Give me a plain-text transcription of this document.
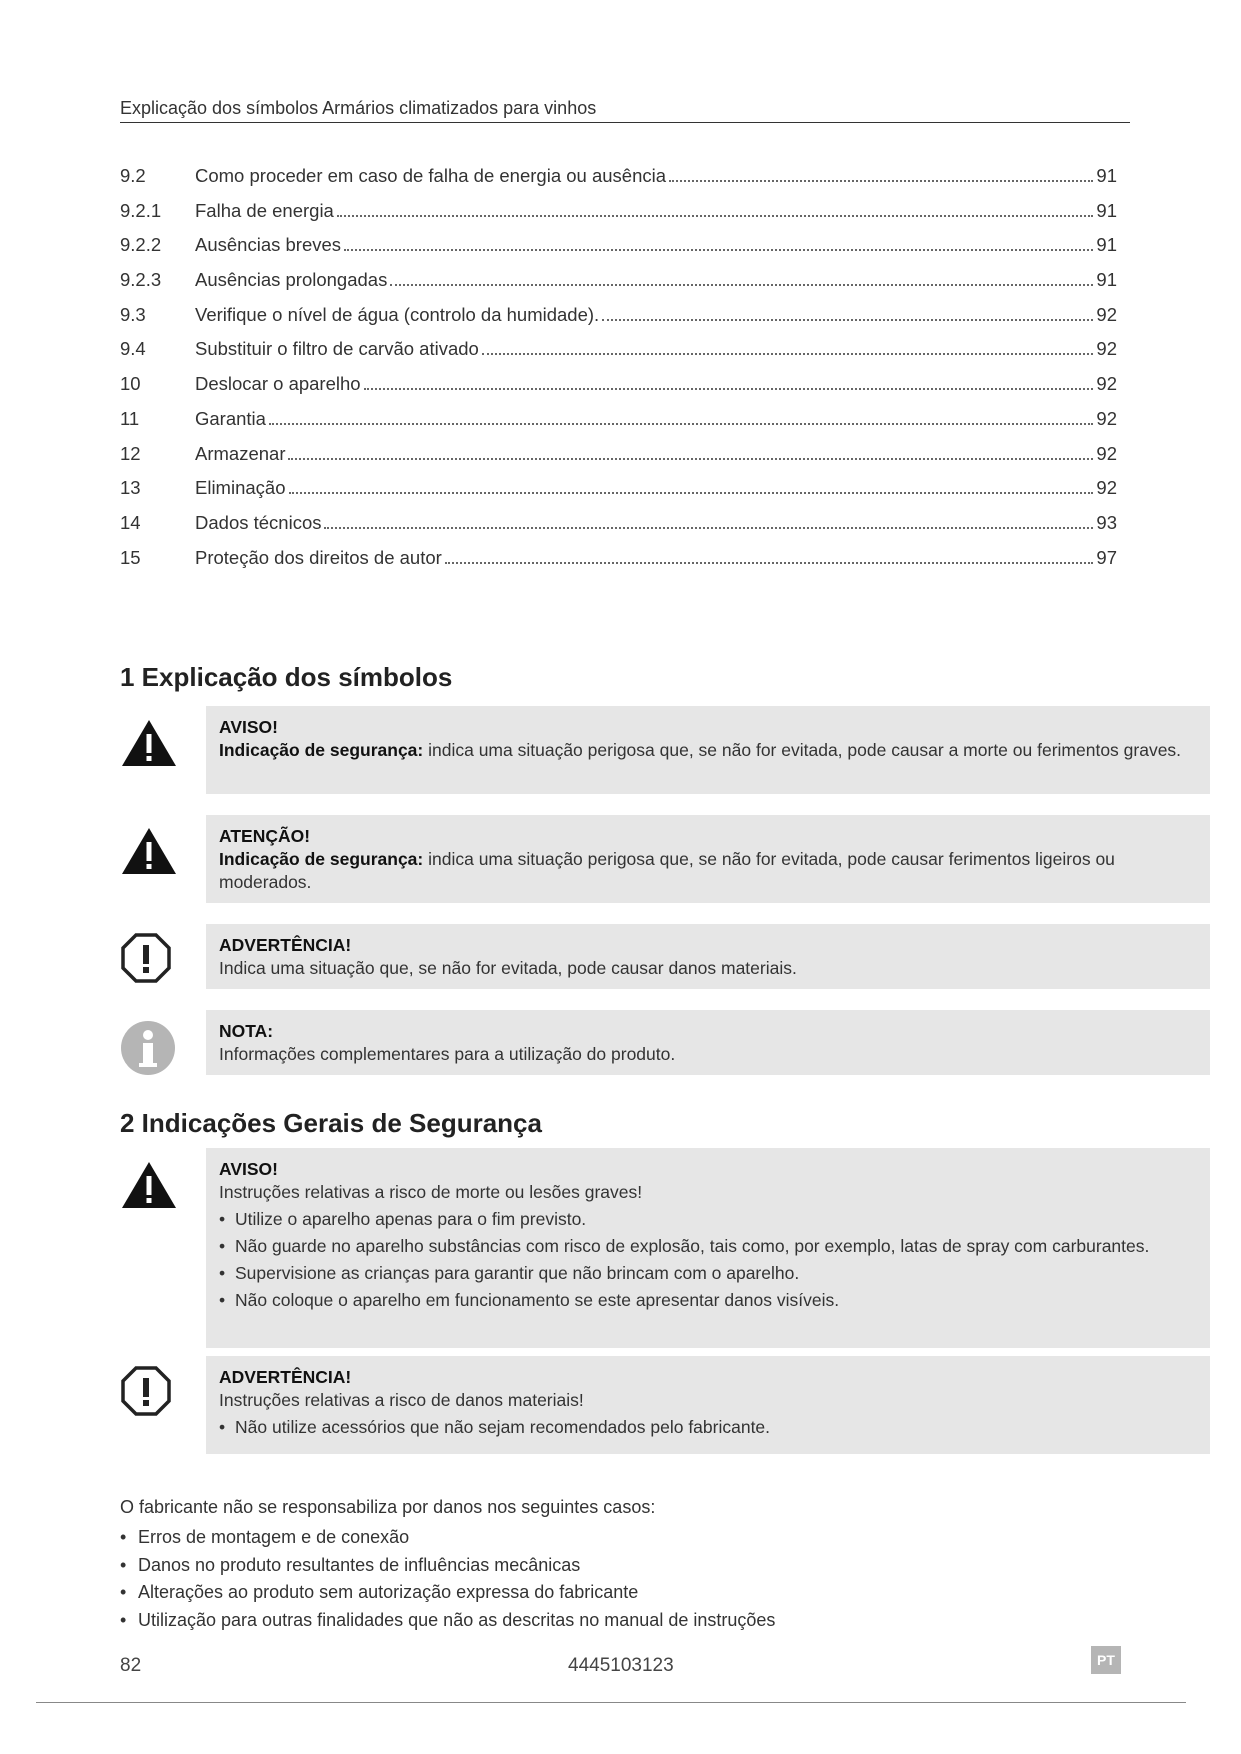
Explicação dos símbolos Armários climatizados para vinhos
9.2	Como proceder em caso de falha de energia ou ausência	91
9.2.1	Falha de energia	91
9.2.2	Ausências breves	91
9.2.3	Ausências prolongadas	91
9.3	Verifique o nível de água (controlo da humidade).	92
9.4	Substituir o filtro de carvão ativado	92
10	Deslocar o aparelho	92
11	Garantia	92
12	Armazenar	92
13	Eliminação	92
14	Dados técnicos	93
15	Proteção dos direitos de autor	97
1 Explicação dos símbolos
AVISO!
Indicação de segurança: indica uma situação perigosa que, se não for evitada, pode causar a morte ou ferimentos graves.
ATENÇÃO!
Indicação de segurança: indica uma situação perigosa que, se não for evitada, pode causar ferimentos ligeiros ou moderados.
ADVERTÊNCIA!
Indica uma situação que, se não for evitada, pode causar danos materiais.
NOTA:
Informações complementares para a utilização do produto.
2 Indicações Gerais de Segurança
AVISO!
Instruções relativas a risco de morte ou lesões graves!
• Utilize o aparelho apenas para o fim previsto.
• Não guarde no aparelho substâncias com risco de explosão, tais como, por exemplo, latas de spray com carburantes.
• Supervisione as crianças para garantir que não brincam com o aparelho.
• Não coloque o aparelho em funcionamento se este apresentar danos visíveis.
ADVERTÊNCIA!
Instruções relativas a risco de danos materiais!
• Não utilize acessórios que não sejam recomendados pelo fabricante.
O fabricante não se responsabiliza por danos nos seguintes casos:
• Erros de montagem e de conexão
• Danos no produto resultantes de influências mecânicas
• Alterações ao produto sem autorização expressa do fabricante
• Utilização para outras finalidades que não as descritas no manual de instruções
82	4445103123	PT
